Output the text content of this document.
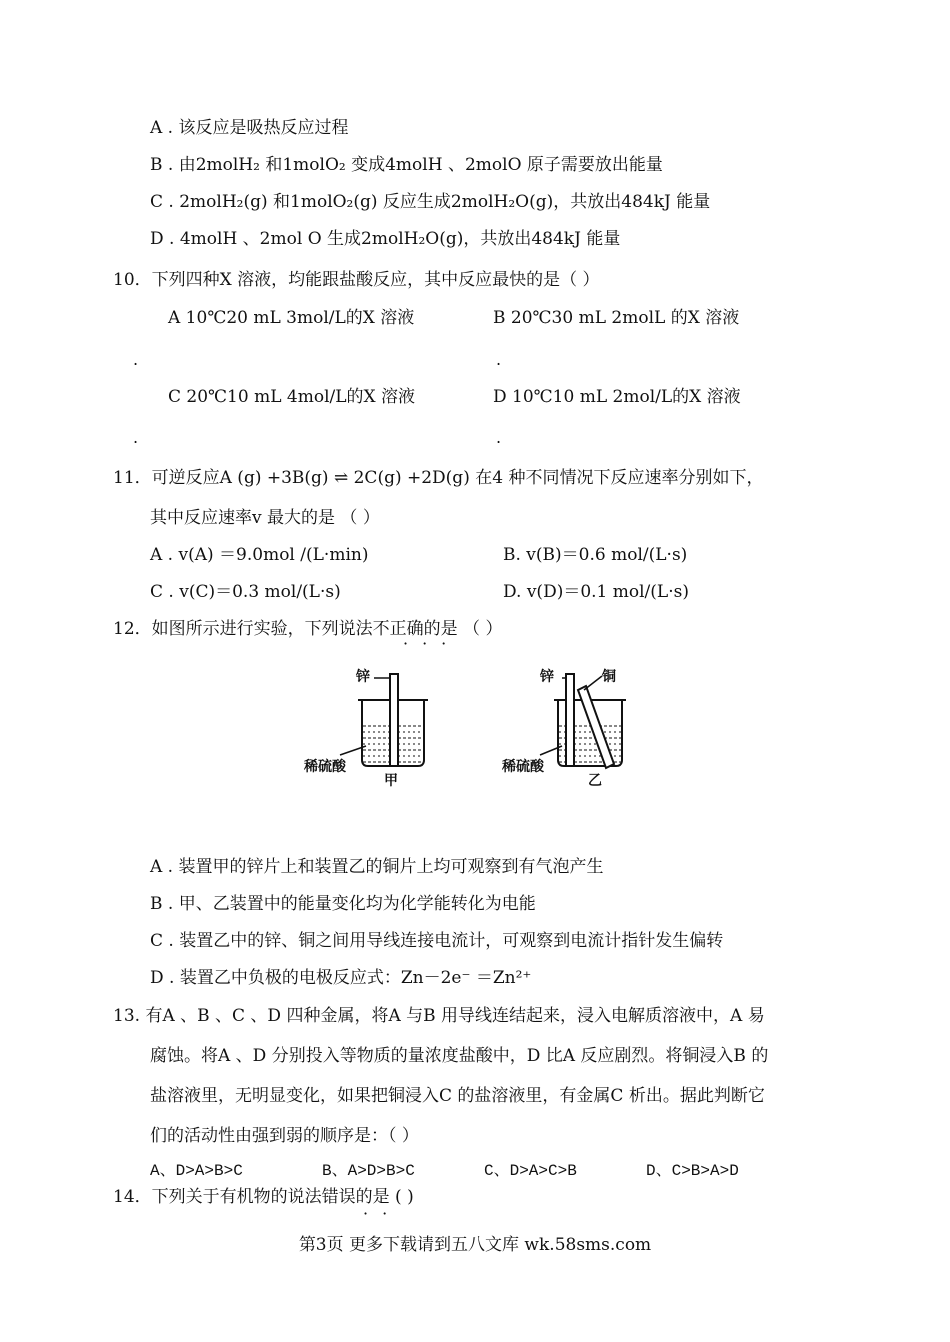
A . 该反应是吸热反应过程
B . 由2molH₂ 和1molO₂ 变成4molH 、2molO 原子需要放出能量
C . 2molH₂(g) 和1molO₂(g) 反应生成2molH₂O(g)，共放出484kJ 能量
D . 4molH 、2mol O 生成2molH₂O(g)，共放出484kJ 能量
10．下列四种X 溶液，均能跟盐酸反应，其中反应最快的是（ ）
A 10℃20 mL 3mol/L的X 溶液	B 20℃30 mL 2molL 的X 溶液
.	.
C 20℃10 mL 4mol/L的X 溶液	D 10℃10 mL 2mol/L的X 溶液
.	.
11．可逆反应A (g) +3B(g) ⇌ 2C(g) +2D(g) 在4 种不同情况下反应速率分别如下，
其中反应速率v 最大的是 （ ）
A . v(A) ＝9.0mol /(L·min)	B. v(B)＝0.6 mol/(L·s)
C . v(C)＝0.3 mol/(L·s)	D. v(D)＝0.1 mol/(L·s)
12．如图所示进行实验，下列说法不正确的是 （ ）
···
锌
稀硫酸
甲
锌	铜
稀硫酸
乙
A . 装置甲的锌片上和装置乙的铜片上均可观察到有气泡产生
B . 甲、乙装置中的能量变化均为化学能转化为电能
C . 装置乙中的锌、铜之间用导线连接电流计，可观察到电流计指针发生偏转
D . 装置乙中负极的电极反应式：Zn－2e⁻ ＝Zn²⁺
13. 有A 、B 、C 、D 四种金属，将A 与B 用导线连结起来，浸入电解质溶液中，A 易
腐蚀。将A 、D 分别投入等物质的量浓度盐酸中，D 比A 反应剧烈。将铜浸入B 的
盐溶液里，无明显变化，如果把铜浸入C 的盐溶液里，有金属C 析出。据此判断它
们的活动性由强到弱的顺序是：（ ）
A、D>A>B>C	B、A>D>B>C	C、D>A>C>B	D、C>B>A>D
14．下列关于有机物的说法错误的是 ( )
··
第3页 更多下载请到五八文库 wk.58sms.com
